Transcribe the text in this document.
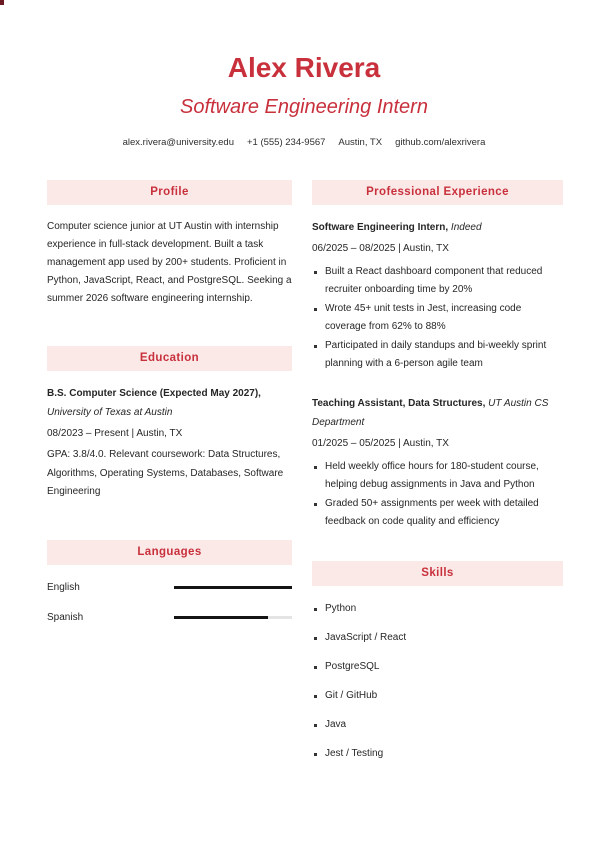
Alex Rivera
Software Engineering Intern
alex.rivera@university.edu +1 (555) 234-9567 Austin, TX github.com/alexrivera
Profile

Computer science junior at UT Austin with internship experience in full-stack development. Built a task management app used by 200+ students. Proficient in Python, JavaScript, React, and PostgreSQL. Seeking a summer 2026 software engineering internship.

Education

B.S. Computer Science (Expected May 2027), University of Texas at Austin

08/2023 – Present | Austin, TX

GPA: 3.8/4.0. Relevant coursework: Data Structures, Algorithms, Operating Systems, Databases, Software Engineering

Languages
English
Spanish
Professional Experience

Software Engineering Intern, Indeed

06/2025 – 08/2025 | Austin, TX

Built a React dashboard component that reduced recruiter onboarding time by 20%
Wrote 45+ unit tests in Jest, increasing code coverage from 62% to 88%
Participated in daily standups and bi-weekly sprint planning with a 6-person agile team

Teaching Assistant, Data Structures, UT Austin CS Department

01/2025 – 05/2025 | Austin, TX

Held weekly office hours for 180-student course, helping debug assignments in Java and Python
Graded 50+ assignments per week with detailed feedback on code quality and efficiency
Skills
Python
JavaScript / React
PostgreSQL
Git / GitHub
Java
Jest / Testing
